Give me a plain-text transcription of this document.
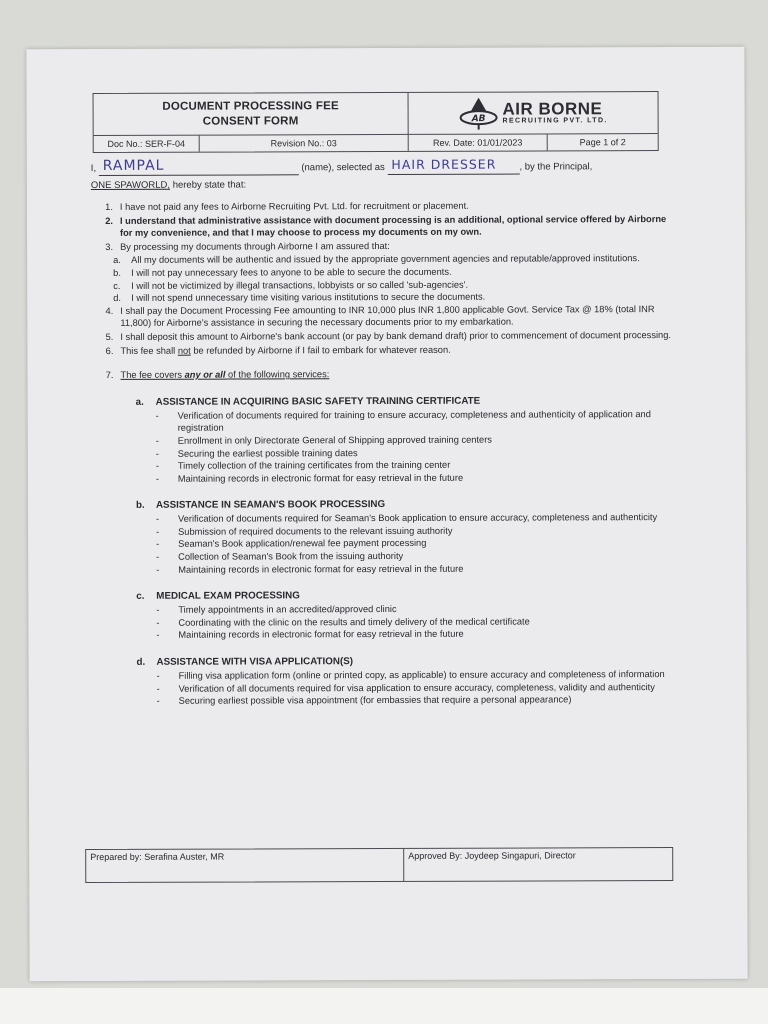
DOCUMENT PROCESSING FEE
CONSENT FORM	AB
AIR BORNE
RECRUITING PVT. LTD.
Doc No.: SER-F-04	Revision No.: 03	Rev. Date: 01/01/2023	Page 1 of 2
I, RAMPAL	(name), selected as HAIR DRESSER , by the Principal,
ONE SPAWORLD, hereby state that:
1. I have not paid any fees to Airborne Recruiting Pvt. Ltd. for recruitment or placement.
2. I understand that administrative assistance with document processing is an additional, optional service offered by Airborne for my convenience, and that I may choose to process my documents on my own.
3. By processing my documents through Airborne I am assured that:
a.	All my documents will be authentic and issued by the appropriate government agencies and reputable/approved institutions.
b.	I will not pay unnecessary fees to anyone to be able to secure the documents.
c.	I will not be victimized by illegal transactions, lobbyists or so called 'sub-agencies'.
d.	I will not spend unnecessary time visiting various institutions to secure the documents.
4. I shall pay the Document Processing Fee amounting to INR 10,000 plus INR 1,800 applicable Govt. Service Tax @ 18% (total INR 11,800) for Airborne's assistance in securing the necessary documents prior to my embarkation.
5. I shall deposit this amount to Airborne's bank account (or pay by bank demand draft) prior to commencement of document processing.
6. This fee shall not be refunded by Airborne if I fail to embark for whatever reason.
7. The fee covers any or all of the following services:
a. ASSISTANCE IN ACQUIRING BASIC SAFETY TRAINING CERTIFICATE
-	Verification of documents required for training to ensure accuracy, completeness and authenticity of application and registration
-	Enrollment in only Directorate General of Shipping approved training centers
-	Securing the earliest possible training dates
-	Timely collection of the training certificates from the training center
-	Maintaining records in electronic format for easy retrieval in the future
b. ASSISTANCE IN SEAMAN'S BOOK PROCESSING
-	Verification of documents required for Seaman's Book application to ensure accuracy, completeness and authenticity
-	Submission of required documents to the relevant issuing authority
-	Seaman's Book application/renewal fee payment processing
-	Collection of Seaman's Book from the issuing authority
-	Maintaining records in electronic format for easy retrieval in the future
c. MEDICAL EXAM PROCESSING
-	Timely appointments in an accredited/approved clinic
-	Coordinating with the clinic on the results and timely delivery of the medical certificate
-	Maintaining records in electronic format for easy retrieval in the future
d. ASSISTANCE WITH VISA APPLICATION(S)
-	Filling visa application form (online or printed copy, as applicable) to ensure accuracy and completeness of information
-	Verification of all documents required for visa application to ensure accuracy, completeness, validity and authenticity
-	Securing earliest possible visa appointment (for embassies that require a personal appearance)
Prepared by: Serafina Auster, MR	Approved By: Joydeep Singapuri, Director
